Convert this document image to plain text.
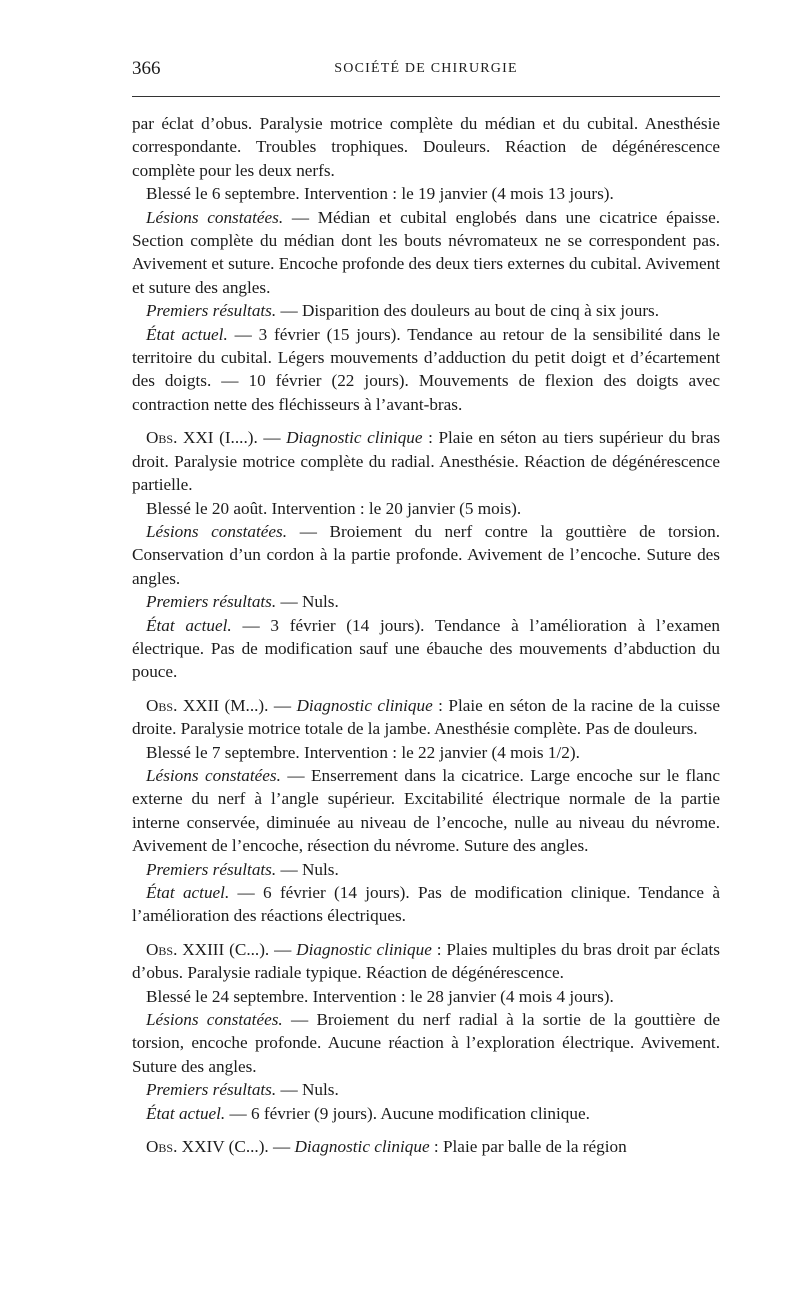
366	SOCIÉTÉ DE CHIRURGIE

par éclat d’obus. Paralysie motrice complète du médian et du cubital. Anesthésie correspondante. Troubles trophiques. Douleurs. Réaction de dégénérescence complète pour les deux nerfs.

Blessé le 6 septembre. Intervention : le 19 janvier (4 mois 13 jours).

Lésions constatées. — Médian et cubital englobés dans une cicatrice épaisse. Section complète du médian dont les bouts névromateux ne se correspondent pas. Avivement et suture. Encoche profonde des deux tiers externes du cubital. Avivement et suture des angles.

Premiers résultats. — Disparition des douleurs au bout de cinq à six jours.

État actuel. — 3 février (15 jours). Tendance au retour de la sensibilité dans le territoire du cubital. Légers mouvements d’adduction du petit doigt et d’écartement des doigts. — 10 février (22 jours). Mouvements de flexion des doigts avec contraction nette des fléchisseurs à l’avant-bras.

Obs. XXI (I....). — Diagnostic clinique : Plaie en séton au tiers supérieur du bras droit. Paralysie motrice complète du radial. Anesthésie. Réaction de dégénérescence partielle.

Blessé le 20 août. Intervention : le 20 janvier (5 mois).

Lésions constatées. — Broiement du nerf contre la gouttière de torsion. Conservation d’un cordon à la partie profonde. Avivement de l’encoche. Suture des angles.

Premiers résultats. — Nuls.

État actuel. — 3 février (14 jours). Tendance à l’amélioration à l’examen électrique. Pas de modification sauf une ébauche des mouvements d’abduction du pouce.

Obs. XXII (M...). — Diagnostic clinique : Plaie en séton de la racine de la cuisse droite. Paralysie motrice totale de la jambe. Anesthésie complète. Pas de douleurs.

Blessé le 7 septembre. Intervention : le 22 janvier (4 mois 1/2).

Lésions constatées. — Enserrement dans la cicatrice. Large encoche sur le flanc externe du nerf à l’angle supérieur. Excitabilité électrique normale de la partie interne conservée, diminuée au niveau de l’encoche, nulle au niveau du névrome. Avivement de l’encoche, résection du névrome. Suture des angles.

Premiers résultats. — Nuls.

État actuel. — 6 février (14 jours). Pas de modification clinique. Tendance à l’amélioration des réactions électriques.

Obs. XXIII (C...). — Diagnostic clinique : Plaies multiples du bras droit par éclats d’obus. Paralysie radiale typique. Réaction de dégénérescence.

Blessé le 24 septembre. Intervention : le 28 janvier (4 mois 4 jours).

Lésions constatées. — Broiement du nerf radial à la sortie de la gouttière de torsion, encoche profonde. Aucune réaction à l’exploration électrique. Avivement. Suture des angles.

Premiers résultats. — Nuls.

État actuel. — 6 février (9 jours). Aucune modification clinique.

Obs. XXIV (C...). — Diagnostic clinique : Plaie par balle de la région
